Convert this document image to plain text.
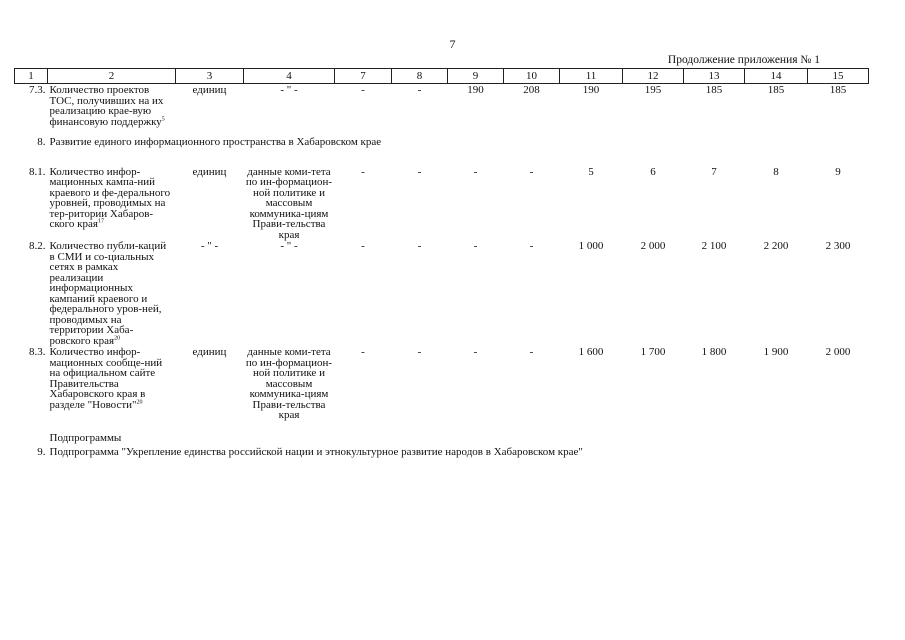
7
Продолжение приложения № 1
1	2	3	4	7	8	9	10	11	12	13	14	15
7.3.	Количество проектов ТОС, получивших на их реализацию крае-вую финансовую поддержку$^5$	единиц	- " -	-	-	190	208	190	195	185	185	185
8.	Развитие единого информационного пространства в Хабаровском крае											
8.1.	Количество инфор-мационных кампа-ний краевого и фе-дерального уровней, проводимых на тер-ритории Хабаров-ского края$^{17}$	единиц	данные коми-тета по ин-формацион-ной политике и массовым коммуника-циям Прави-тельства края	-	-	-	-	5	6	7	8	9
8.2.	Количество публи-каций в СМИ и со-циальных сетях в рамках реализации информационных кампаний краевого и федерального уров-ней, проводимых на территории Хаба-ровского края$^{20}$	- " -	- " -	-	-	-	-	1 000	2 000	2 100	2 200	2 300
8.3.	Количество инфор-мационных сообще-ний на официальном сайте Правительства Хабаровского края в разделе "Новости"$^{20}$	единиц	данные коми-тета по ин-формацион-ной политике и массовым коммуника-циям Прави-тельства края	-	-	-	-	1 600	1 700	1 800	1 900	2 000
	Подпрограммы											
9.	Подпрограмма "Укрепление единства российской нации и этнокультурное развитие народов в Хабаровском крае"											
